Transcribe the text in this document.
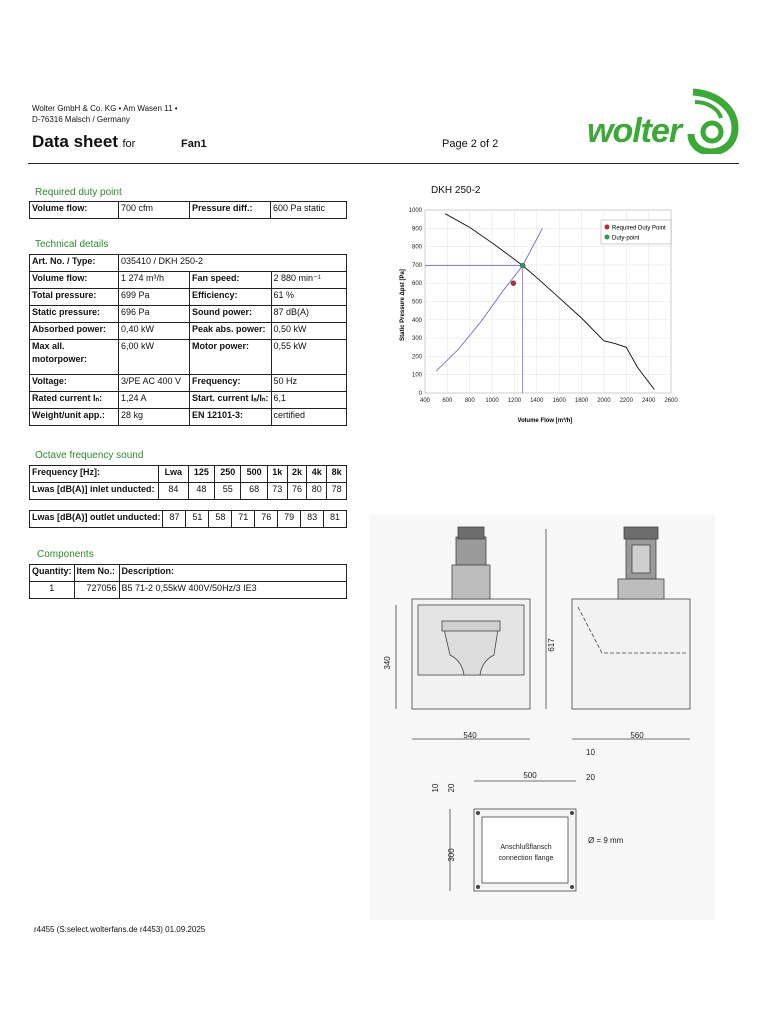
Wolter GmbH & Co. KG • Am Wasen 11 •
D-76316 Malsch / Germany
Data sheet for	Fan1	Page 2 of 2	wolter
Required duty point
Volume flow:	700 cfm	Pressure diff.:	600 Pa static
Technical details
Art. No. / Type:	035410 / DKH 250-2		
Volume flow:	1 274 m³/h	Fan speed:	2 880 min⁻¹
Total pressure:	699 Pa	Efficiency:	61 %
Static pressure:	696 Pa	Sound power:	87 dB(A)
Absorbed power:	0,40 kW	Peak abs. power:	0,50 kW

Max all.
motorpower:	6,00 kW	Motor power:	0,55 kW
Voltage:	3/PE AC 400 V	Frequency:	50 Hz
Rated current Iₙ:	1,24 A	Start. current Iₐ/Iₙ:	6,1
Weight/unit app.:	28 kg	EN 12101-3:	certified
Octave frequency sound
Frequency [Hz]:	Lwa	125	250	500	1k	2k	4k	8k
Lwas [dB(A)] inlet unducted:	84	48	55	68	73	76	80	78
Lwas [dB(A)] outlet unducted:	87	51	58	71	76	79	83	81
Components
Quantity:	Item No.:	Description:
1	727056	B5 71-2 0,55kW 400V/50Hz/3 IE3
DKH 250-2
400 600 800 1000 1200 1400 1600 1800 2000 2200 2400 2600
0
100
200
300
400
500
600
700
800
900
1000
Volume Flow [m³/h]
Static Pressure Δpst [Pa]
Required Duty Point
Duty-point
340
617
540	560
10
500	20
10 20
300
Ø = 9 mm
Anschlußflansch
connection flange
r4455 (S:select.wolterfans.de r4453) 01.09.2025
